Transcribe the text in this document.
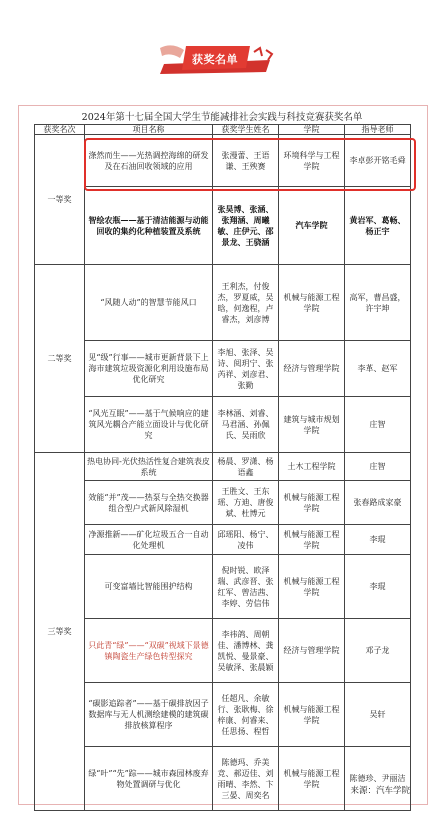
获奖名单
2024年第十七届全国大学生节能减排社会实践与科技竞赛获奖名单
获奖名次	项目名称	获奖学生姓名	学院	指导老师
一等奖	涤然而生——光热调控海绵的研发及在石油回收领域的应用	张漫蕾、王语谦、王殃赛	环境科学与工程学院	李卓彭开铭毛舜
	智绘农瓶——基于清洁能源与动能回收的集约化种植装置及系统	张昊博、张涵、张翔涵、周曦敏、庄伊元、邵景龙、王骁涵	汽车学院	黄岩军、葛畅、杨正宇
二等奖	“风随人动”的智慧节能风口	王利杰，付俊杰，罗夏威，吴晗，何逸程，卢睿杰，刘彦博	机械与能源工程学院	高军，曹昌盛，许宇坤
	见“级”行事——城市更新背景下上海市建筑垃圾资源化利用设施布局优化研究	李旭、张泽、吴诗、阅玥宁、张芮祥、刘彦君、张勤	经济与管理学院	李革、赵军
	“风光互眠”——基于气候响应的建筑风光耦合产能立面设计与优化研究	李林涵、刘睿、马君涵、孙佩氏、吴雨欣	建筑与城市规划学院	庄智
三等奖	热电协同-光伏热活性复合建筑表皮系统	杨晨、罗潇、杨语鑫	土木工程学院	庄智
	效能“并”茂——热泵与全热交换器组合型户式新风除湿机	王胜文、王东瑶、方迪、唐俊斌、杜博元	机械与能源工程学院	张春路成家豪
	净源推新——矿化垃圾五合一自动化处理机	邱瑶阳、杨宁、凌伟	机械与能源工程学院	李琨
	可变富墙比智能围护结构	倪时锐、欧泽瑞、武彦晋、张红军、曾洁茜、李婷、劳信伟	机械与能源工程学院	李琨
	只此青“绿”——“双碳”视域下景德镇陶瓷生产绿色转型探究	李祎鸽、周朝佳、潘博林、龚凯悦、曼景豪、吴敏泽、张晨颖	经济与管理学院	邓子龙
	“碳影追踪者”——基于碳排放因子数据库与无人机测绘建模的建筑碳排放核算程序	任超凡、余敏行、张耿梅、徐梓康、何睿来、任思扬、程哲	机械与能源工程学院	吴轩
	绿“叶”“先”踪——城市森园林废弃物处置调研与优化	陈德玛、乔美竞、郝迈佳、刘雨晴、李然、卞三晏、周奕名	机械与能源工程学院	陈德珍、尹丽洁
来源：汽车学院
